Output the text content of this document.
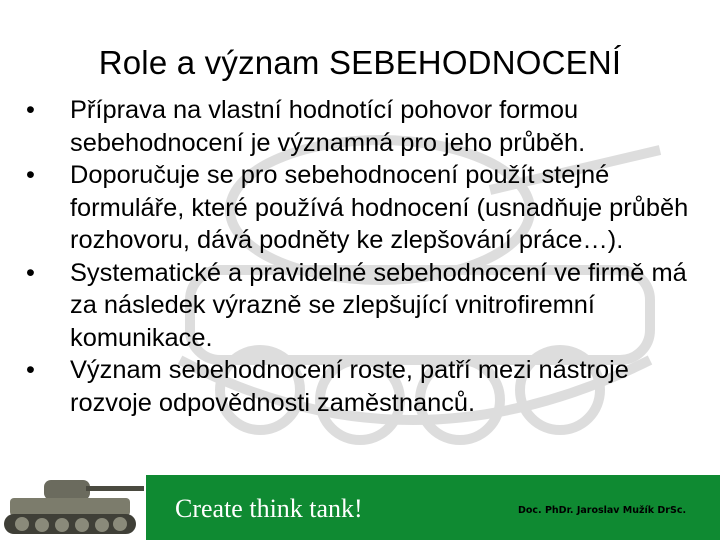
Role a význam SEBEHODNOCENÍ
•	Příprava na vlastní hodnotící pohovor formou sebehodnocení je významná pro jeho průběh.
•	Doporučuje se pro sebehodnocení použít stejné formuláře, které používá hodnocení (usnadňuje průběh rozhovoru, dává podněty ke zlepšování práce…).
•	Systematické a pravidelné sebehodnocení ve firmě má za následek výrazně se zlepšující vnitrofiremní komunikace.
•	Význam sebehodnocení roste, patří mezi nástroje rozvoje odpovědnosti zaměstnanců.
Create think tank!	Doc. PhDr. Jaroslav Mužík DrSc.
